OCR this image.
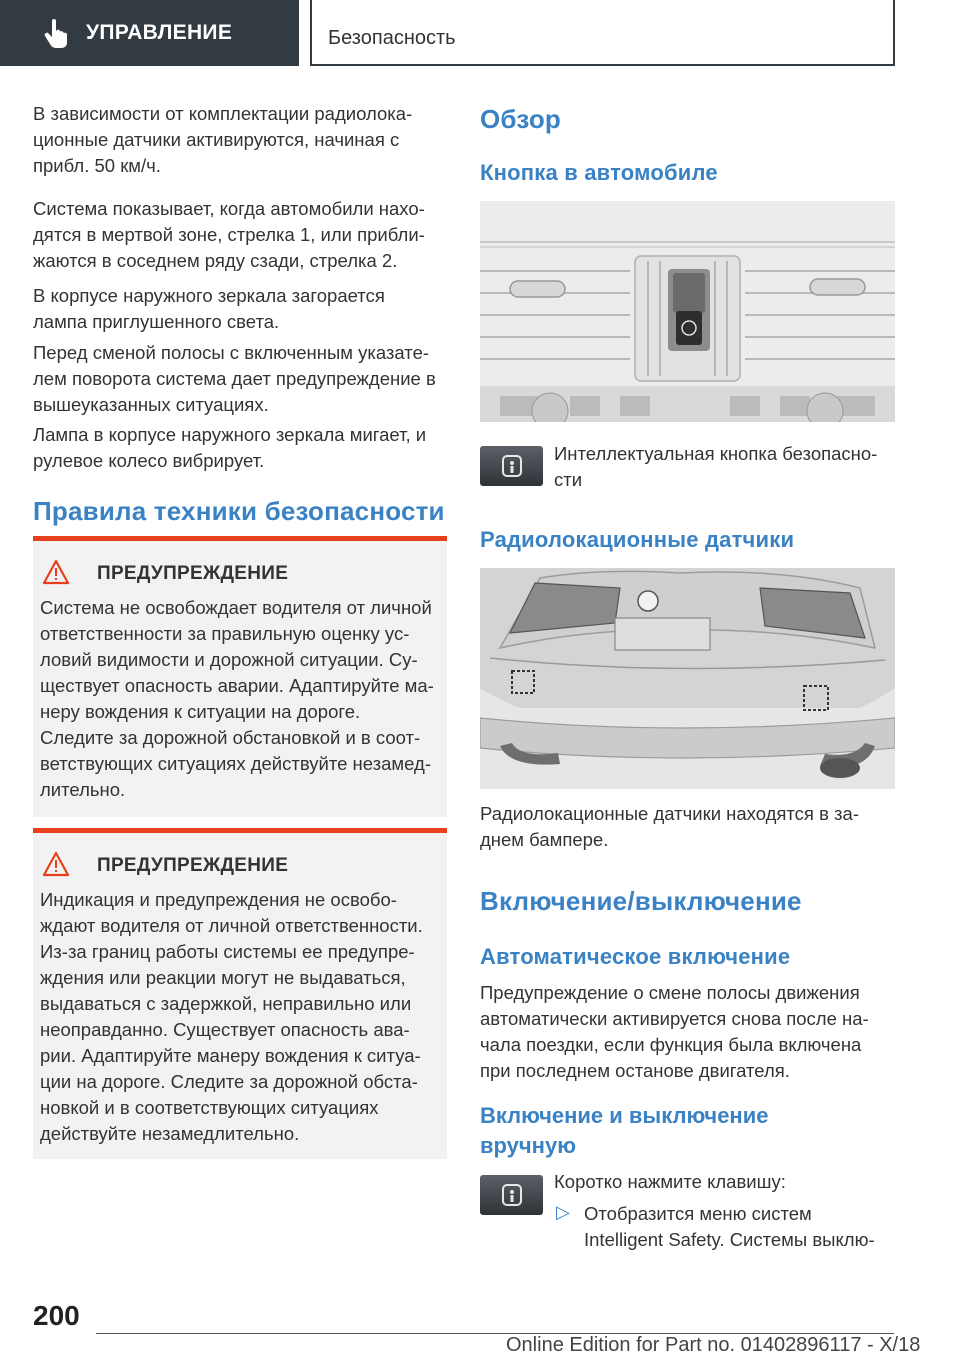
УПРАВЛЕНИЕ	Безопасность
В зависимости от комплектации радиолока-
ционные датчики активируются, начиная с
прибл. 50 км/ч.
Система показывает, когда автомобили нахо-
дятся в мертвой зоне, стрелка 1, или прибли-
жаются в соседнем ряду сзади, стрелка 2.
В корпусе наружного зеркала загорается
лампа приглушенного света.
Перед сменой полосы с включенным указате-
лем поворота система дает предупреждение в
вышеуказанных ситуациях.
Лампа в корпусе наружного зеркала мигает, и
рулевое колесо вибрирует.
Правила техники безопасности
ПРЕДУПРЕЖДЕНИЕ
Система не освобождает водителя от личной
ответственности за правильную оценку ус-
ловий видимости и дорожной ситуации. Су-
ществует опасность аварии. Адаптируйте ма-
неру вождения к ситуации на дороге.
Следите за дорожной обстановкой и в соот-
ветствующих ситуациях действуйте незамед-
лительно.
ПРЕДУПРЕЖДЕНИЕ
Индикация и предупреждения не освобо-
ждают водителя от личной ответственности.
Из-за границ работы системы ее предупре-
ждения или реакции могут не выдаваться,
выдаваться с задержкой, неправильно или
неоправданно. Существует опасность ава-
рии. Адаптируйте манеру вождения к ситуа-
ции на дороге. Следите за дорожной обста-
новкой и в соответствующих ситуациях
действуйте незамедлительно.
Обзор
Кнопка в автомобиле
Интеллектуальная кнопка безопасно-
сти
Радиолокационные датчики
Радиолокационные датчики находятся в за-
днем бампере.
Включение/выключение
Автоматическое включение
Предупреждение о смене полосы движения
автоматически активируется снова после на-
чала поездки, если функция была включена
при последнем останове двигателя.
Включение и выключение
вручную
Коротко нажмите клавишу:
▷ Отобразится меню систем
Intelligent Safety. Системы выклю-
200
Online Edition for Part no. 01402896117 - X/18
